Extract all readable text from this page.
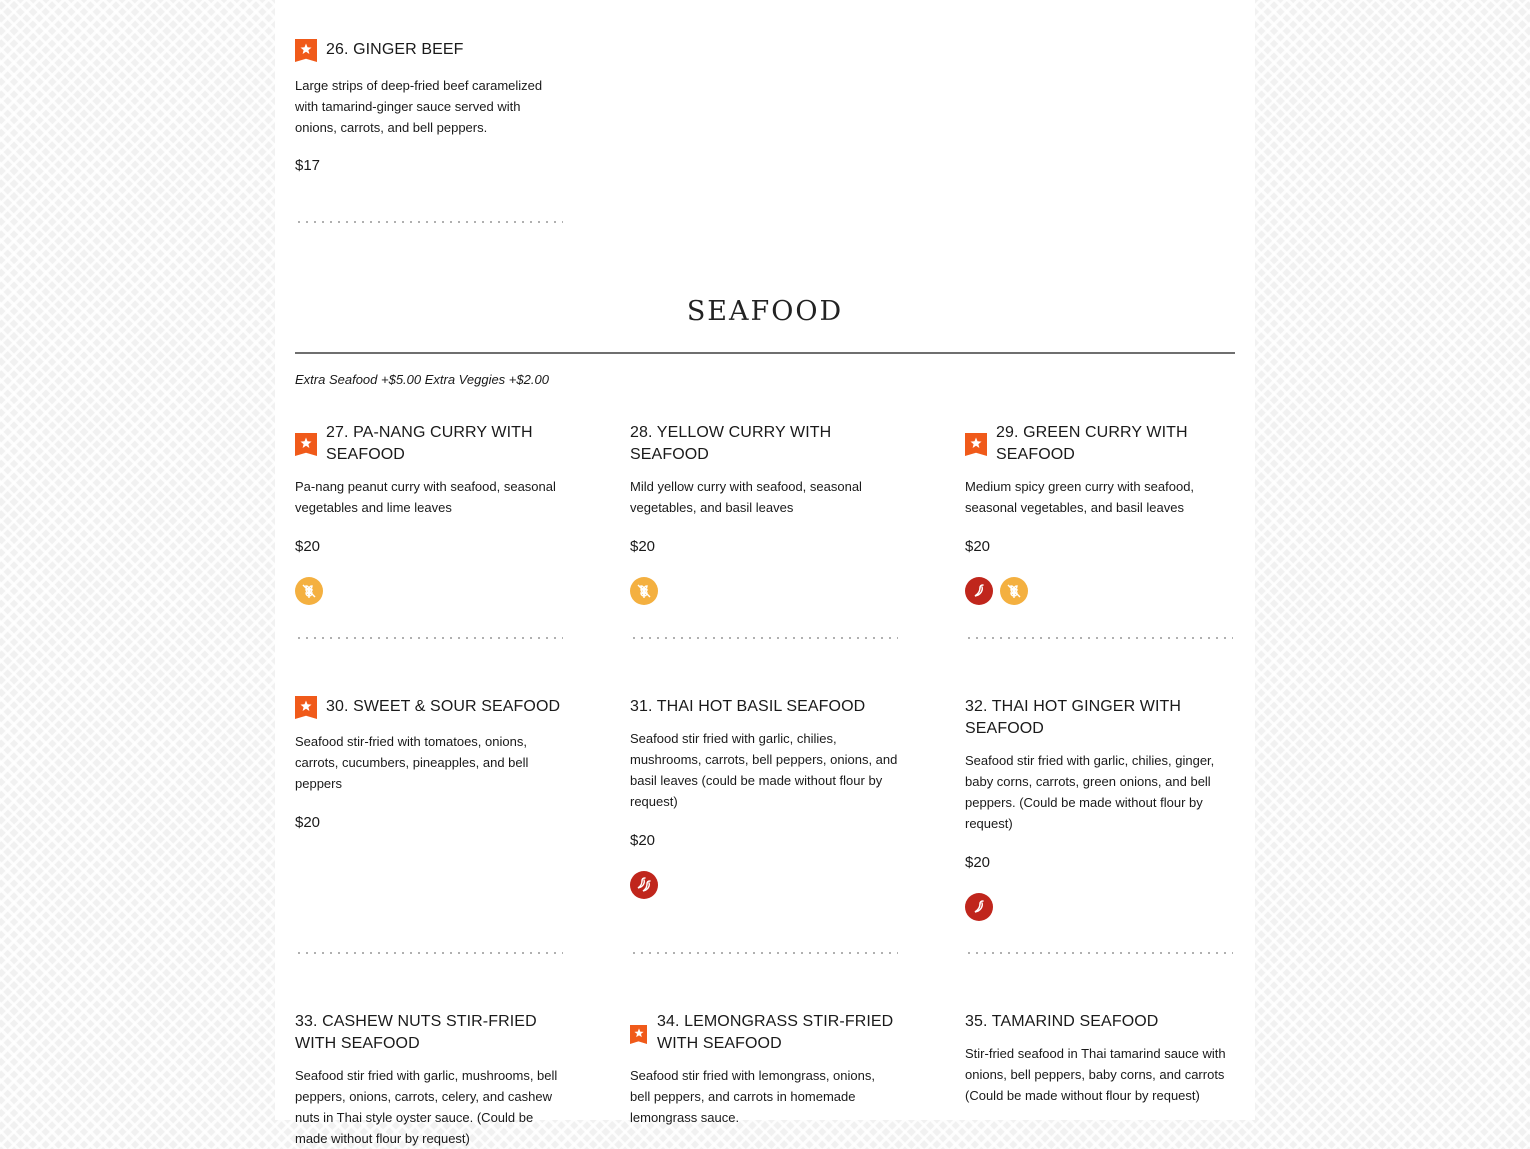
26. GINGER BEEF

Large strips of deep-fried beef caramelized with tamarind-ginger sauce served with onions, carrots, and bell peppers.

$17

SEAFOOD

Extra Seafood +$5.00 Extra Veggies +$2.00

27. PA-NANG CURRY WITH SEAFOOD

Pa-nang peanut curry with seafood, seasonal vegetables and lime leaves

$20

28. YELLOW CURRY WITH SEAFOOD

Mild yellow curry with seafood, seasonal vegetables, and basil leaves

$20

29. GREEN CURRY WITH SEAFOOD

Medium spicy green curry with seafood, seasonal vegetables, and basil leaves

$20

30. SWEET & SOUR SEAFOOD

Seafood stir-fried with tomatoes, onions, carrots, cucumbers, pineapples, and bell peppers

$20

31. THAI HOT BASIL SEAFOOD

Seafood stir fried with garlic, chilies, mushrooms, carrots, bell peppers, onions, and basil leaves (could be made without flour by request)

$20

32. THAI HOT GINGER WITH SEAFOOD

Seafood stir fried with garlic, chilies, ginger, baby corns, carrots, green onions, and bell peppers. (Could be made without flour by request)

$20

33. CASHEW NUTS STIR-FRIED WITH SEAFOOD

Seafood stir fried with garlic, mushrooms, bell peppers, onions, carrots, celery, and cashew nuts in Thai style oyster sauce. (Could be made without flour by request)

34. LEMONGRASS STIR-FRIED WITH SEAFOOD

Seafood stir fried with lemongrass, onions, bell peppers, and carrots in homemade lemongrass sauce.

35. TAMARIND SEAFOOD

Stir-fried seafood in Thai tamarind sauce with onions, bell peppers, baby corns, and carrots (Could be made without flour by request)
